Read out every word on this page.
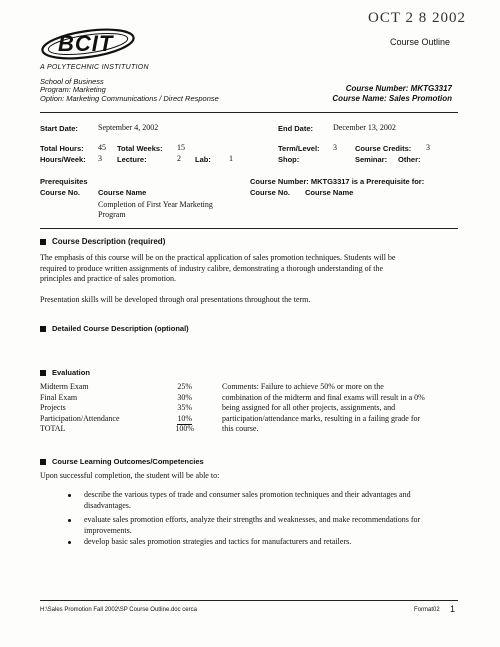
OCT 2 8 2002
Course Outline
BCIT
A POLYTECHNIC INSTITUTION
School of Business
Program: Marketing
Option: Marketing Communications / Direct Response
Course Number: MKTG3317
Course Name: Sales Promotion
Start Date:	September 4, 2002	End Date: December 13, 2002
Total Hours: 45 Total Weeks: 15	Term/Level: 3 Course Credits: 3
Hours/Week: 3 Lecture:	2 Lab: 1	Shop:	Seminar: Other:
Prerequisites
Course No. Course Name
Completion of First Year Marketing
Program
Course Number: MKTG3317 is a Prerequisite for:
Course No. Course Name
Course Description (required)
The emphasis of this course will be on the practical application of sales promotion techniques. Students will be
required to produce written assignments of industry calibre, demonstrating a thorough understanding of the
principles and practice of sales promotion.
Presentation skills will be developed through oral presentations throughout the term.
Detailed Course Description (optional)
Evaluation
Midterm Exam	25%
Final Exam	30%
Projects	35%
Participation/Attendance	10%
TOTAL	100%
Comments: Failure to achieve 50% or more on the
combination of the midterm and final exams will result in a 0%
being assigned for all other projects, assignments, and
participation/attendance marks, resulting in a failing grade for
this course.
Course Learning Outcomes/Competencies
Upon successful completion, the student will be able to:
describe the various types of trade and consumer sales promotion techniques and their advantages and
disadvantages.
evaluate sales promotion efforts, analyze their strengths and weaknesses, and make recommendations for
improvements.
develop basic sales promotion strategies and tactics for manufacturers and retailers.
H:\Sales Promotion Fall 2002\SP Course Outline.doc cerca	Format02 1
